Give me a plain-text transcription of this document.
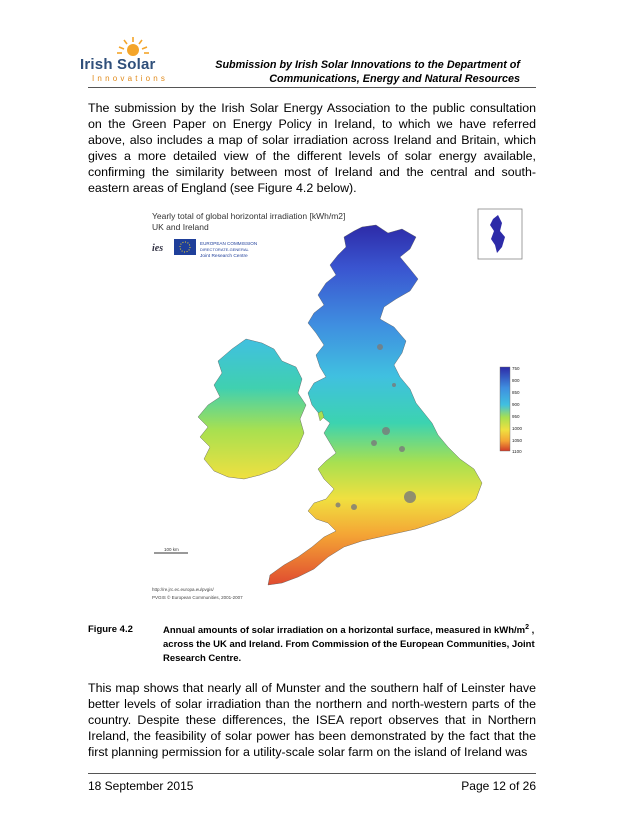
Irish Solar
Innovations
Submission by Irish Solar Innovations to the Department of
Communications, Energy and Natural Resources
The submission by the Irish Solar Energy Association to the public consultation on the Green Paper on Energy Policy in Ireland, to which we have referred above, also includes a map of solar irradiation across Ireland and Britain, which gives a more detailed view of the different levels of solar energy available, confirming the similarity between most of Ireland and the central and south-eastern areas of England (see Figure 4.2 below).
Yearly total of global horizontal irradiation [kWh/m2]
UK and Ireland
ies	EUROPEAN COMMISSION
DIRECTORATE-GENERAL
Joint Research Centre
750
800
850
900
950
1000
1050
1100
100 km
http://re.jrc.ec.europa.eu/pvgis/
PVGIS © European Communities, 2001-2007
Figure 4.2	Annual amounts of solar irradiation on a horizontal surface, measured in kWh/$m^2$ , across the UK and Ireland. From Commission of the European Communities, Joint Research Centre.
This map shows that nearly all of Munster and the southern half of Leinster have better levels of solar irradiation than the northern and north-western parts of the country. Despite these differences, the ISEA report observes that in Northern Ireland, the feasibility of solar power has been demonstrated by the fact that the first planning permission for a utility-scale solar farm on the island of Ireland was
18 September 2015	Page 12 of 26
